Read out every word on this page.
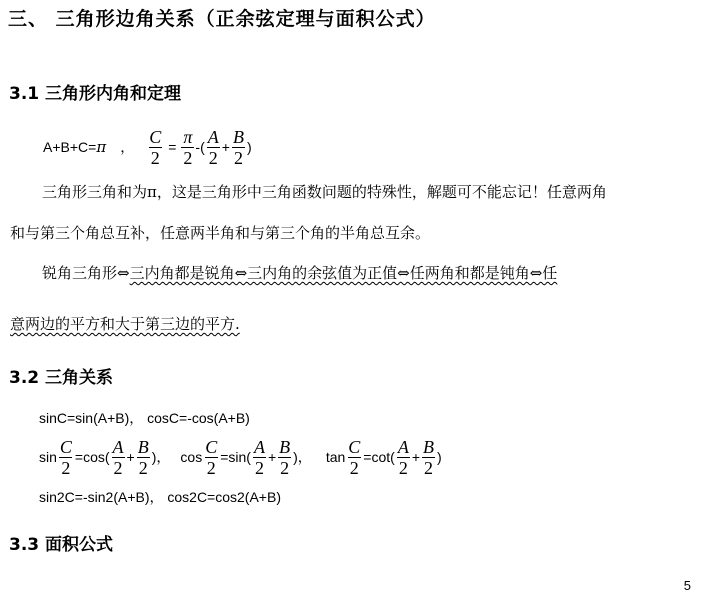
三、 三角形边角关系（正余弦定理与面积公式）
3.1 三角形内角和定理
A+B+C= π ， $\frac{C}{2} = \frac{\pi}{2}$ -( $\frac{A}{2} + \frac{B}{2}$ )
三角形三角和为π，这是三角形中三角函数问题的特殊性，解题可不能忘记！任意两角
和与第三个角总互补，任意两半角和与第三个角的半角总互余。
锐角三角形⇔三内角都是锐角⇔三内角的余弦值为正值⇔任两角和都是钝角⇔任
意两边的平方和大于第三边的平方.
3.2 三角关系
sinC=sin(A+B)， cosC=-cos(A+B)
$\sin \frac{C}{2} =\cos( \frac{A}{2} + \frac{B}{2}$ )， $\cos \frac{C}{2} =\sin( \frac{A}{2} + \frac{B}{2}$ )， $\tan \frac{C}{2} =\cot( \frac{A}{2} + \frac{B}{2}$ )
sin2C=-sin2(A+B)， cos2C=cos2(A+B)
3.3 面积公式
5
